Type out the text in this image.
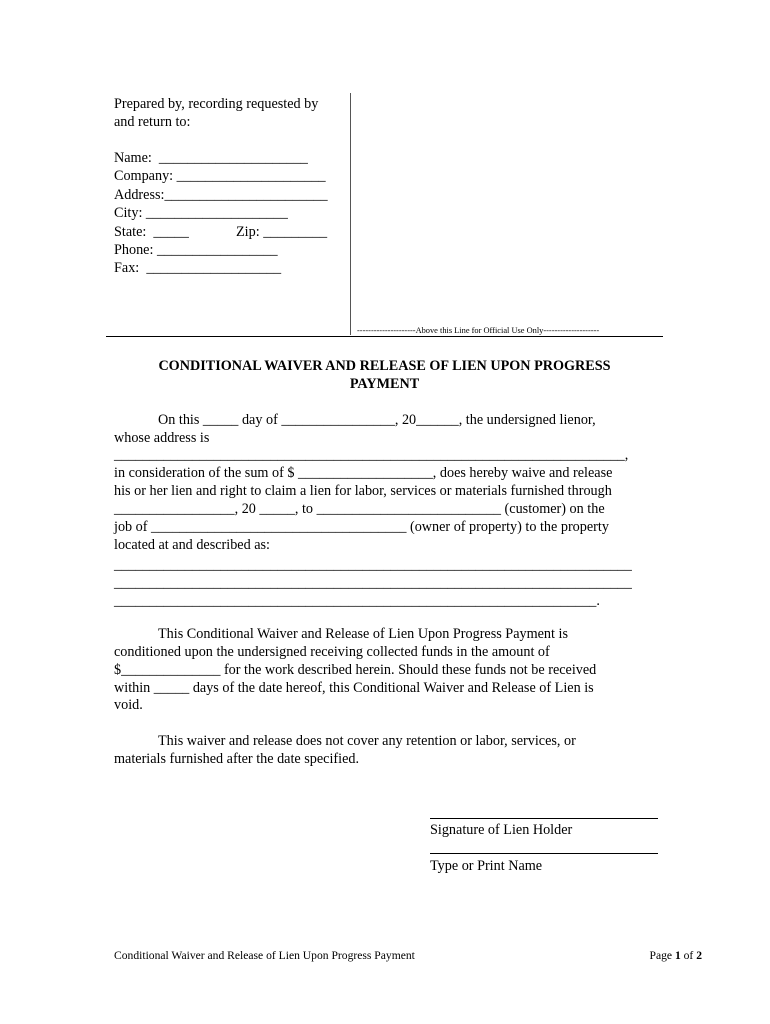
Prepared by, recording requested by
and return to:
Name:  _____________________
Company: _____________________
Address:_______________________
City: ____________________
State:  _____	Zip: _________
Phone: _________________
Fax:  ___________________
---------------------Above this Line for Official Use Only--------------------
CONDITIONAL WAIVER AND RELEASE OF LIEN UPON PROGRESS
PAYMENT
On this _____ day of ________________, 20______, the undersigned lienor,
whose address is
________________________________________________________________________,
in consideration of the sum of $ ___________________, does hereby waive and release
his or her lien and right to claim a lien for labor, services or materials furnished through
_________________, 20 _____, to __________________________ (customer) on the
job of ____________________________________ (owner of property) to the property
located at and described as:
_________________________________________________________________________
_________________________________________________________________________
____________________________________________________________________.
This Conditional Waiver and Release of Lien Upon Progress Payment is
conditioned upon the undersigned receiving collected funds in the amount of
$______________ for the work described herein. Should these funds not be received
within _____ days of the date hereof, this Conditional Waiver and Release of Lien is
void.
This waiver and release does not cover any retention or labor, services, or
materials furnished after the date specified.
Signature of Lien Holder
Type or Print Name
Conditional Waiver and Release of Lien Upon Progress Payment	Page 1 of 2
